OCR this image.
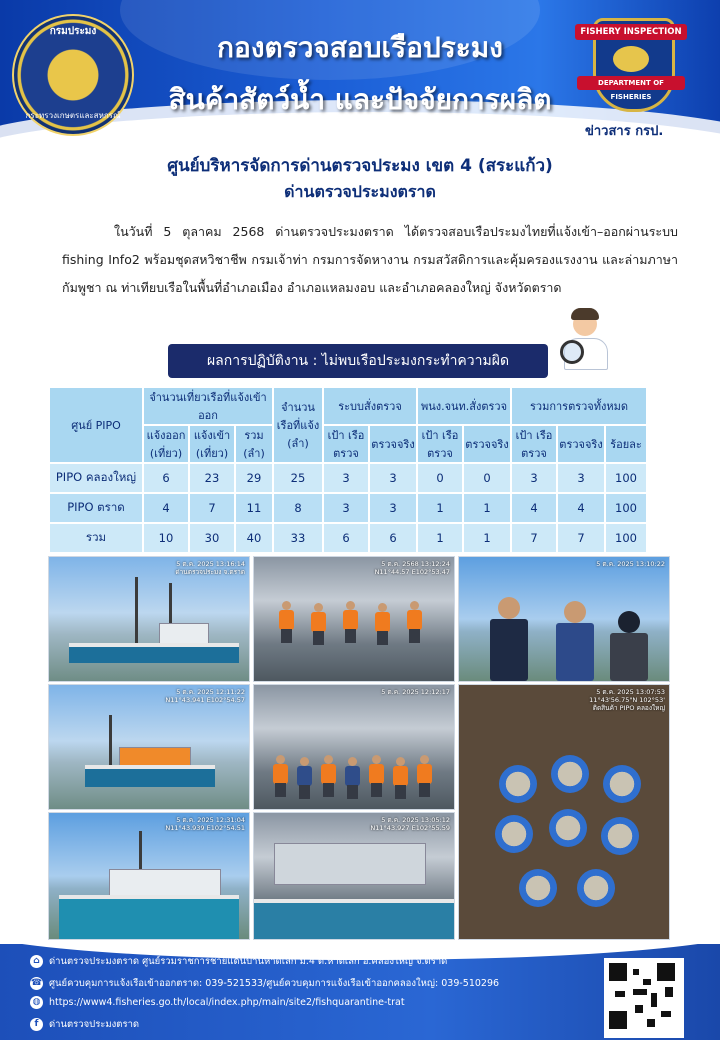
กรมประมง
กระทรวงเกษตรและสหกรณ์
กองตรวจสอบเรือประมง
สินค้าสัตว์น้ำ และปัจจัยการผลิต
FISHERY INSPECTION
DEPARTMENT OF FISHERIES
ข่าวสาร กรป.
ศูนย์บริหารจัดการด่านตรวจประมง เขต 4 (สระแก้ว)
ด่านตรวจประมงตราด
ในวันที่ 5 ตุลาคม 2568 ด่านตรวจประมงตราด ได้ตรวจสอบเรือประมงไทยที่แจ้งเข้า–ออกผ่านระบบ fishing Info2 พร้อมชุดสหวิชาชีพ กรมเจ้าท่า กรมการจัดหางาน กรมสวัสดิการและคุ้มครองแรงงาน และล่ามภาษากัมพูชา ณ ท่าเทียบเรือในพื้นที่อำเภอเมือง อำเภอแหลมงอบ และอำเภอคลองใหญ่ จังหวัดตราด
ผลการปฏิบัติงาน : ไม่พบเรือประมงกระทำความผิด
ศูนย์ PIPO	จำนวนเที่ยวเรือที่แจ้งเข้าออก			จำนวน เรือที่แจ้ง (ลำ)	ระบบสั่งตรวจ		พนง.จนท.สั่งตรวจ		รวมการตรวจทั้งหมด		
	แจ้งออก (เที่ยว)	แจ้งเข้า (เที่ยว)	รวม (ลำ)		เป้า เรือตรวจ	ตรวจจริง	เป้า เรือตรวจ	ตรวจจริง	เป้า เรือตรวจ	ตรวจจริง	ร้อยละ
PIPO คลองใหญ่	6	23	29	25	3	3	0	0	3	3	100
PIPO ตราด	4	7	11	8	3	3	1	1	4	4	100
รวม	10	30	40	33	6	6	1	1	7	7	100
5 ต.ค. 2025 13:16:14
ด่านตรวจประมง จ.ตราด
5 ต.ค. 2568 13:12:24
N11°44.57 E102°53.47
5 ต.ค. 2025 13:10:22
5 ต.ค. 2025 12:11:22
N11°43.941 E102°54.57
5 ต.ค. 2025 12:12:17	5 ต.ค. 2025 13:07:53
11°43'56.75"N 102°53'
ติดสินค้า PIPO คลองใหญ่
5 ต.ค. 2025 12:31:04
N11°43.939 E102°54.51
5 ต.ค. 2025 13:05:12
N11°43.927 E102°55.59
⌂ ด่านตรวจประมงตราด ศูนย์รวมราชการชายแดนบ้านหาดเล็ก ม.4 ต.หาดเล็ก อ.คลองใหญ่ จ.ตราด
☎ ศูนย์ควบคุมการแจ้งเรือเข้าออกตราด: 039-521533/ศูนย์ควบคุมการแจ้งเรือเข้าออกคลองใหญ่: 039-510296
◍ https://www4.fisheries.go.th/local/index.php/main/site2/fishquarantine-trat
f ด่านตรวจประมงตราด
